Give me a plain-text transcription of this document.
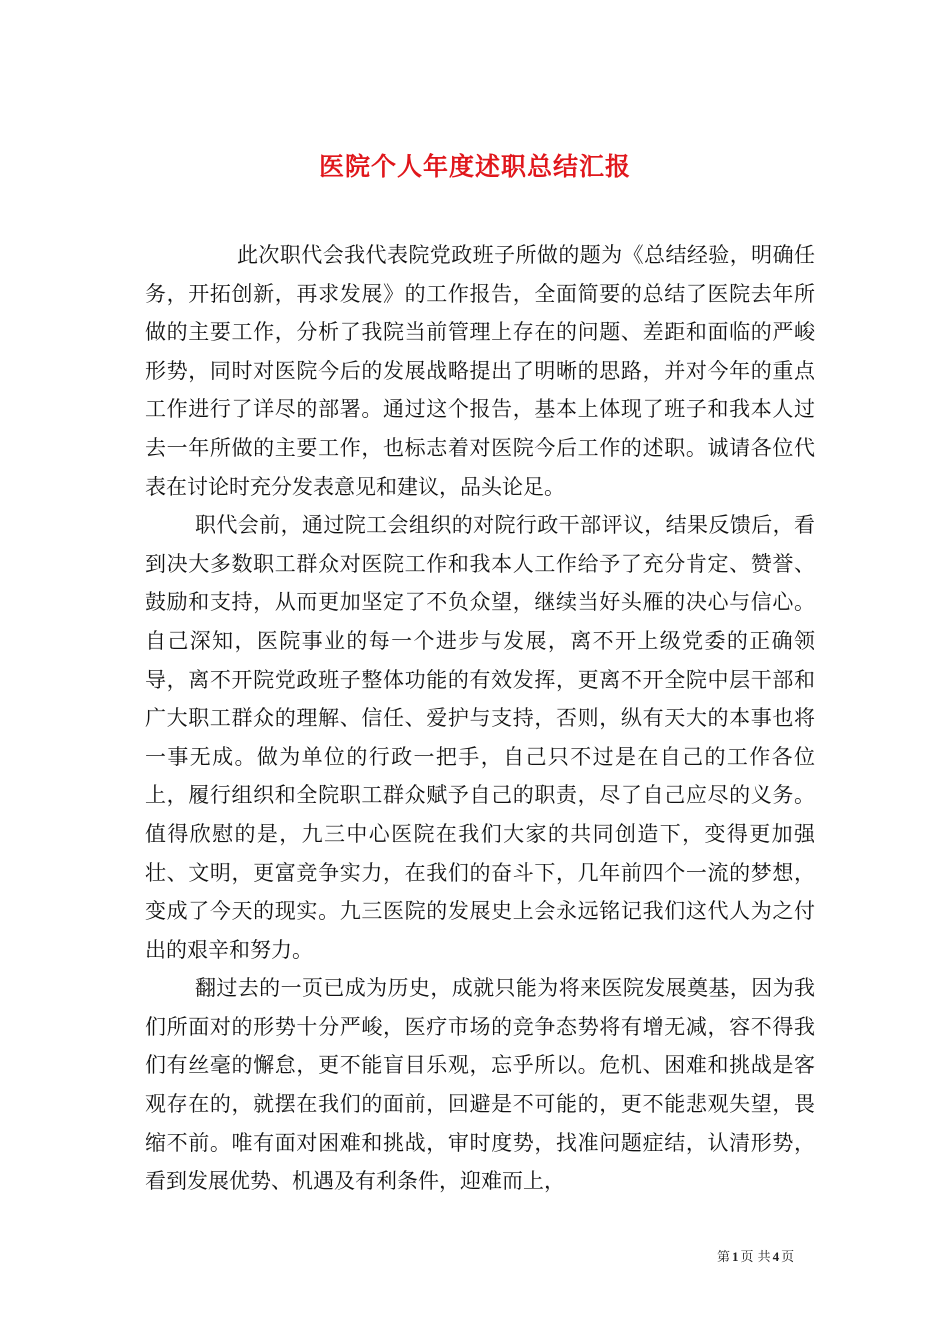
医院个人年度述职总结汇报

此次职代会我代表院党政班子所做的题为《总结经验，明确任务，开拓创新，再求发展》的工作报告，全面简要的总结了医院去年所做的主要工作，分析了我院当前管理上存在的问题、差距和面临的严峻形势，同时对医院今后的发展战略提出了明晰的思路，并对今年的重点工作进行了详尽的部署。通过这个报告，基本上体现了班子和我本人过去一年所做的主要工作，也标志着对医院今后工作的述职。诚请各位代表在讨论时充分发表意见和建议，品头论足。

职代会前，通过院工会组织的对院行政干部评议，结果反馈后，看到决大多数职工群众对医院工作和我本人工作给予了充分肯定、赞誉、鼓励和支持，从而更加坚定了不负众望，继续当好头雁的决心与信心。自己深知，医院事业的每一个进步与发展，离不开上级党委的正确领导，离不开院党政班子整体功能的有效发挥，更离不开全院中层干部和广大职工群众的理解、信任、爱护与支持，否则，纵有天大的本事也将一事无成。做为单位的行政一把手，自己只不过是在自己的工作各位上，履行组织和全院职工群众赋予自己的职责，尽了自己应尽的义务。值得欣慰的是，九三中心医院在我们大家的共同创造下，变得更加强壮、文明，更富竞争实力，在我们的奋斗下，几年前四个一流的梦想，变成了今天的现实。九三医院的发展史上会永远铭记我们这代人为之付出的艰辛和努力。

翻过去的一页已成为历史，成就只能为将来医院发展奠基，因为我们所面对的形势十分严峻，医疗市场的竞争态势将有增无减，容不得我们有丝毫的懈怠，更不能盲目乐观，忘乎所以。危机、困难和挑战是客观存在的，就摆在我们的面前，回避是不可能的，更不能悲观失望，畏缩不前。唯有面对困难和挑战，审时度势，找准问题症结，认清形势，看到发展优势、机遇及有利条件，迎难而上，

第 1 页 共 4 页
